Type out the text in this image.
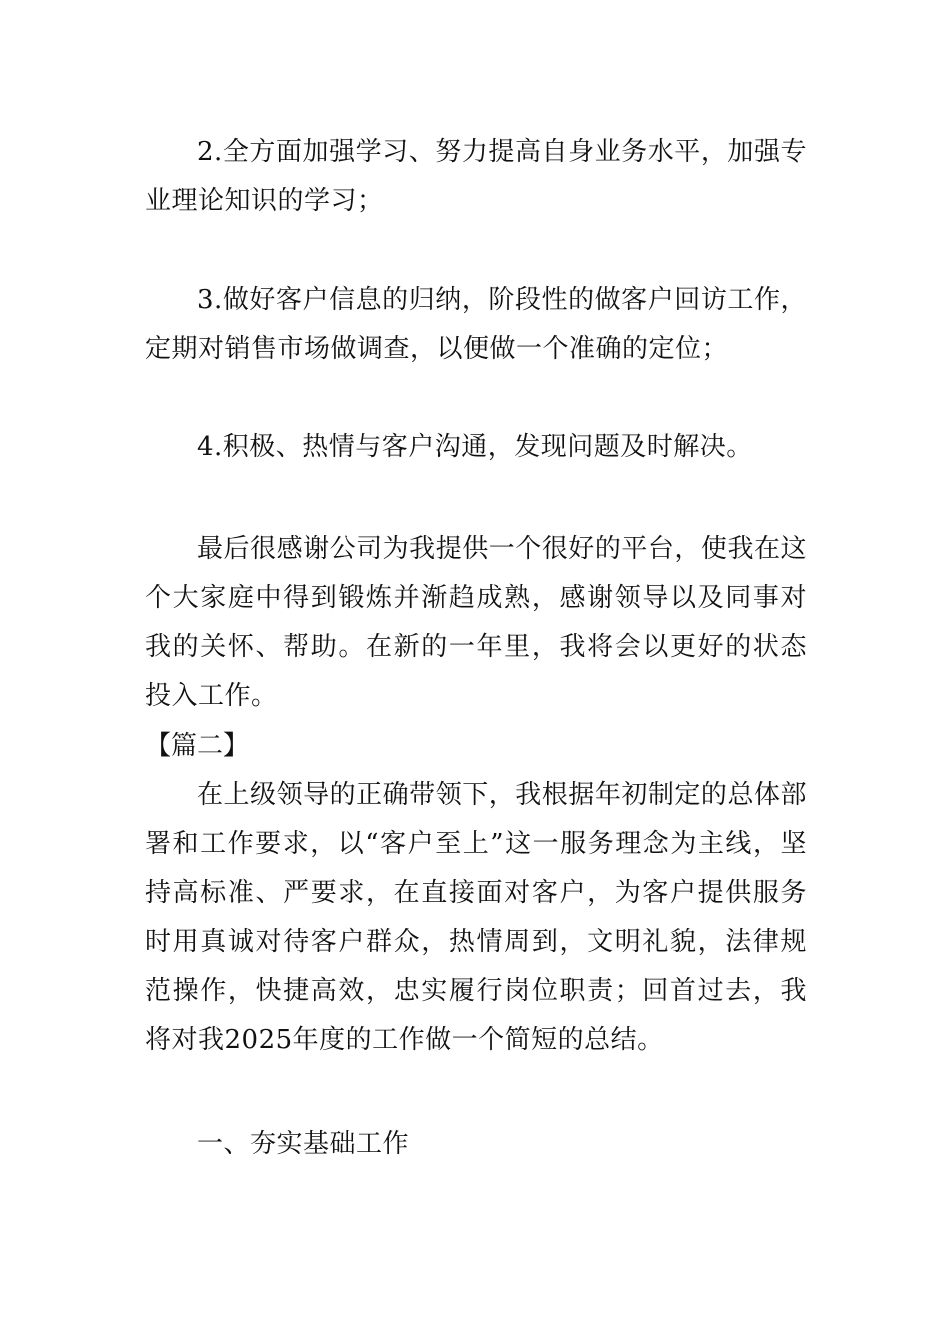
2.全方面加强学习、努力提高自身业务水平，加强专业理论知识的学习；

3.做好客户信息的归纳，阶段性的做客户回访工作，定期对销售市场做调查，以便做一个准确的定位；

4.积极、热情与客户沟通，发现问题及时解决。

最后很感谢公司为我提供一个很好的平台，使我在这个大家庭中得到锻炼并渐趋成熟，感谢领导以及同事对我的关怀、帮助。在新的一年里，我将会以更好的状态投入工作。

【篇二】

在上级领导的正确带领下，我根据年初制定的总体部署和工作要求，以“客户至上”这一服务理念为主线，坚持高标准、严要求，在直接面对客户，为客户提供服务时用真诚对待客户群众，热情周到，文明礼貌，法律规范操作，快捷高效，忠实履行岗位职责；回首过去，我将对我2025年度的工作做一个简短的总结。

一、夯实基础工作
